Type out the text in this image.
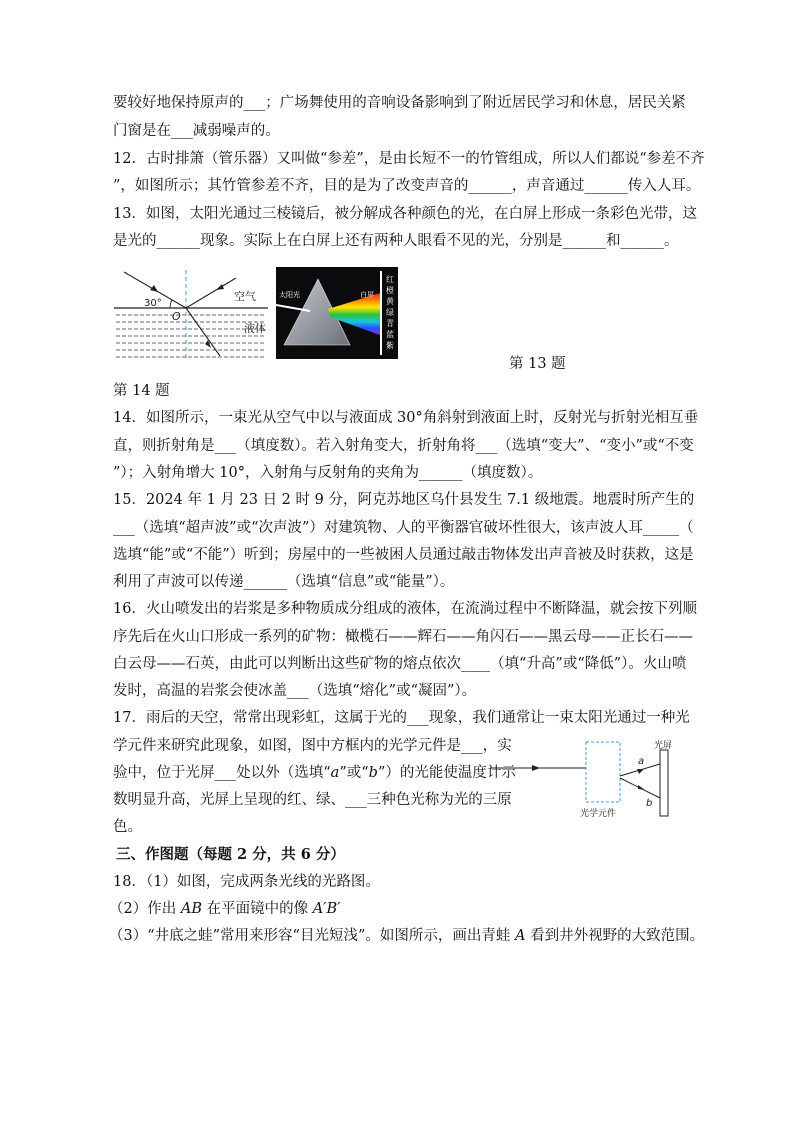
要较好地保持原声的___；广场舞使用的音响设备影响到了附近居民学习和休息，居民关紧
门窗是在___减弱噪声的。
12．古时排箫（管乐器）又叫做“参差”，是由长短不一的竹管组成，所以人们都说“参差不齐
”，如图所示；其竹管参差不齐，目的是为了改变声音的______，声音通过______传入人耳。
13．如图，太阳光通过三棱镜后，被分解成各种颜色的光，在白屏上形成一条彩色光带，这
是光的______现象。实际上在白屏上还有两种人眼看不见的光，分别是______和______。
30°
O
空气
液体
太阳光	白屏
红
橙
黄
绿
青
蓝
紫
第 13 题
第 14 题
14．如图所示，一束光从空气中以与液面成 30°角斜射到液面上时，反射光与折射光相互垂
直，则折射角是___（填度数）。若入射角变大，折射角将___（选填“变大”、“变小”或“不变
”）；入射角增大 10°，入射角与反射角的夹角为______（填度数）。
15．2024 年 1 月 23 日 2 时 9 分，阿克苏地区乌什县发生 7.1 级地震。地震时所产生的
___（选填“超声波”或“次声波”）对建筑物、人的平衡器官破坏性很大，该声波人耳_____（
选填“能”或“不能”）听到；房屋中的一些被困人员通过敲击物体发出声音被及时获救，这是
利用了声波可以传递______（选填“信息”或“能量”）。
16．火山喷发出的岩浆是多种物质成分组成的液体，在流淌过程中不断降温，就会按下列顺
序先后在火山口形成一系列的矿物：橄榄石——辉石——角闪石——黑云母——正长石——
白云母——石英，由此可以判断出这些矿物的熔点依次____（填“升高”或“降低”）。火山喷
发时，高温的岩浆会使冰盖___（选填“熔化”或“凝固”）。
17．雨后的天空，常常出现彩虹，这属于光的___现象，我们通常让一束太阳光通过一种光
学元件来研究此现象，如图，图中方框内的光学元件是___，实
验中，位于光屏___处以外（选填“a”或“b”）的光能使温度计示
数明显升高，光屏上呈现的红、绿、___三种色光称为光的三原
色。
光学元件
a
b
光屏
三、作图题（每题 2 分，共 6 分）
18．（1）如图，完成两条光线的光路图。
（2）作出 AB 在平面镜中的像 A′B′
（3）“井底之蛙”常用来形容“目光短浅”。如图所示，画出青蛙 A 看到井外视野的大致范围。
